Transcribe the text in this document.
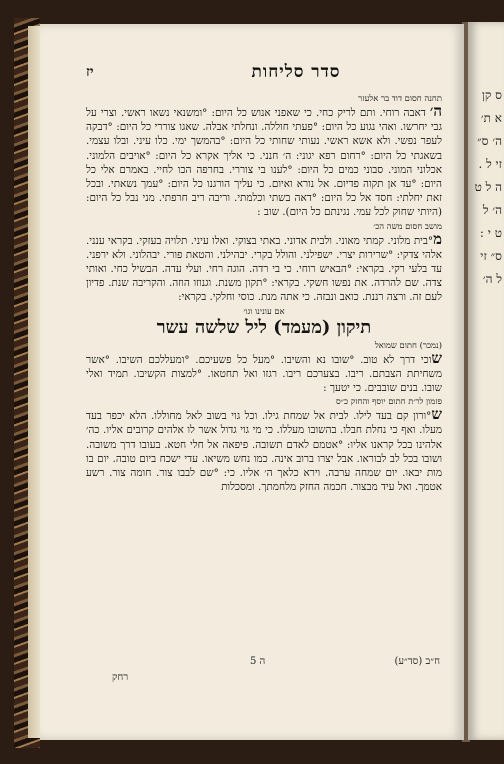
ס קן א ת׳ ה׳ ס״ זי ל . ה ל ט ה׳ ל ט י : ס״ זי ל ה׳
יז	סדר סליחות

תחנה חסום דוד בר אלעזר

ה׳ דאבה רוחי. ותם לריק כחי. כי שאפני אנוש כל היום: °ומשנאי נשאו ראשי. וצרי על גבי יחרשו. ואהי נגוע כל היום: °פעתי חוללה. ונחלתי אבלה. שאגו צוררי כל היום: °דבקה לעפר נפשי. ולא אשא ראשי. נעותי שחותי כל היום: °בהמשך ימי. כלו עיני. ובלו עצמי. בשאגתי כל היום: °רחום רפא יגוני: ה׳ חנני. כי אליך אקרא כל היום: °אויבים הלמוני. אכלוני המוני. סבוני כמים כל היום: °לענו בי צוררי. בחרפה הכו לחיי. באמרם אלי כל היום: °עד אן תקוה פדיום. אל נורא ואיום. כי עליך הורגנו כל היום: °עמך נשאתי. ובכל זאת יחלתי: חסד אל כל היום: °דאה בשתי וכלמתי. וריבה ריב חרפתי. מני נבל כל היום: (היותי שחוק לכל עמי. נגינתם כל היום). שוב :

מושב חסום משה הכ׳

מ°בית מלוני. קמתי מאוני. ולבית אדוני. באתי בצוקי. ואלו עיני. תלויה בעזקי. בקראי ענני. אלהי צדקי: °שרירות יצרי. ישפילני. והולל בקרי. יבהילני. והטאת פורי. יבהלוני. ולא ירפני. עד בלעי רקי. בקראי: °הבאיש רוחי. כי בי רדה. הוגה רחי. ועלי עדה. הבשיל כחי. ואותי צדה. שם להרדה. את נפשו חשקי. בקראי: °תקון משנת. וגנוזו הוזה. והקריבה שנת. פדיון לעם זה. ורצה רננת. כואב ונבזה. כי אתה מנת. כוסי וחלקי. בקראי:

אם עונינו וגו׳

תיקון (מעמד) ליל שלשה עשר

(נמכר) חתום שמואל

שוכי דרך לא טוב. °שובו נא והשיבו. °מעל כל פשעיכם. °ומעללכם השיבו. °אשר משחיתת הצבתם. ריבו. בצערכם ריבו. רגזו ואל תחטאו. °למצות הקשיבו. תמיד ואלי שובו. בנים שובבים. כי יטעך :

פזמון לר׳ת חתום יוסף והחזק כ״ס

ש°ורון קם בעד לילו. לבית אל שמחת גילו. וכל גוי בשוב לאל מחוללו. הלא יכפר בעד מעלו. ואף כי נחלת חבלו. בהשובו מעללו. כי מי גוי גדול אשר לו אלהים קרובים אליו. כה׳ אלהינו בכל קראנו אליו: °אטמם לאדם תשובה. פיפאה אל חלי חטא. בעובו דרך משובה. ושובו בכל לב לבוראו. אבל יצרו ברוב אינה. כמו נחש משיאו. עדי ישכח ביום טובה. יום בו מות יבאו. יום שמחה ערבה. וירא כלאך ה׳ אליו. כי: °שם לבבו צור. חומה צור. רשע אטמך. ואל עיד מבצור. חכמה החזק מלחמתך. ומסכלות

רחק
ה 5	(סד״ע) ח״ב
